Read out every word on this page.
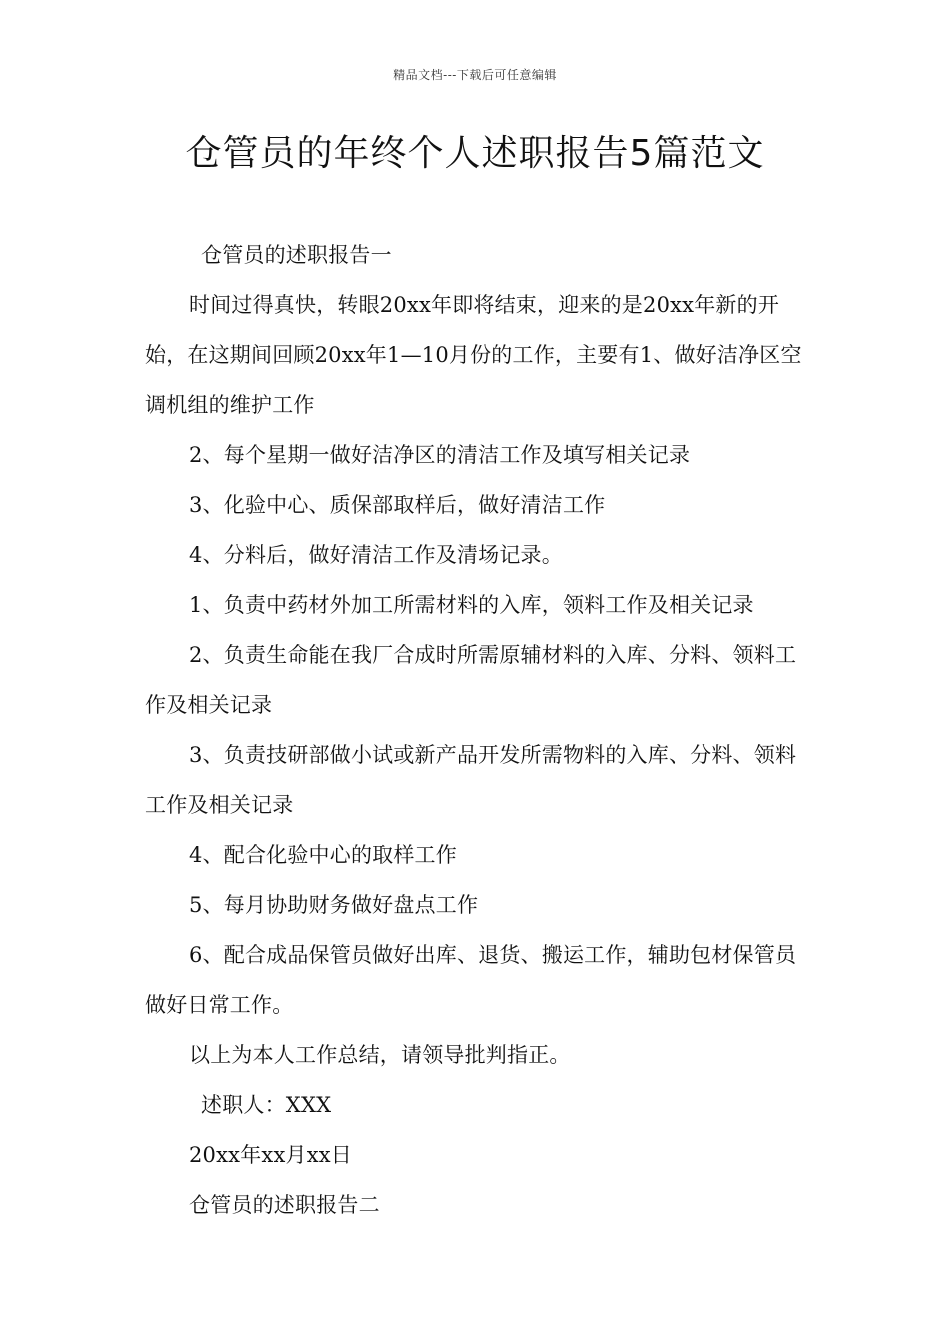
精品文档---下载后可任意编辑
仓管员的年终个人述职报告5篇范文

仓管员的述职报告一

时间过得真快，转眼20xx年即将结束，迎来的是20xx年新的开始，在这期间回顾20xx年1—10月份的工作，主要有1、做好洁净区空调机组的维护工作

2、每个星期一做好洁净区的清洁工作及填写相关记录

3、化验中心、质保部取样后，做好清洁工作

4、分料后，做好清洁工作及清场记录。

1、负责中药材外加工所需材料的入库，领料工作及相关记录

2、负责生命能在我厂合成时所需原辅材料的入库、分料、领料工作及相关记录

3、负责技研部做小试或新产品开发所需物料的入库、分料、领料工作及相关记录

4、配合化验中心的取样工作

5、每月协助财务做好盘点工作

6、配合成品保管员做好出库、退货、搬运工作，辅助包材保管员做好日常工作。

以上为本人工作总结，请领导批判指正。

述职人：XXX

20xx年xx月xx日

仓管员的述职报告二
